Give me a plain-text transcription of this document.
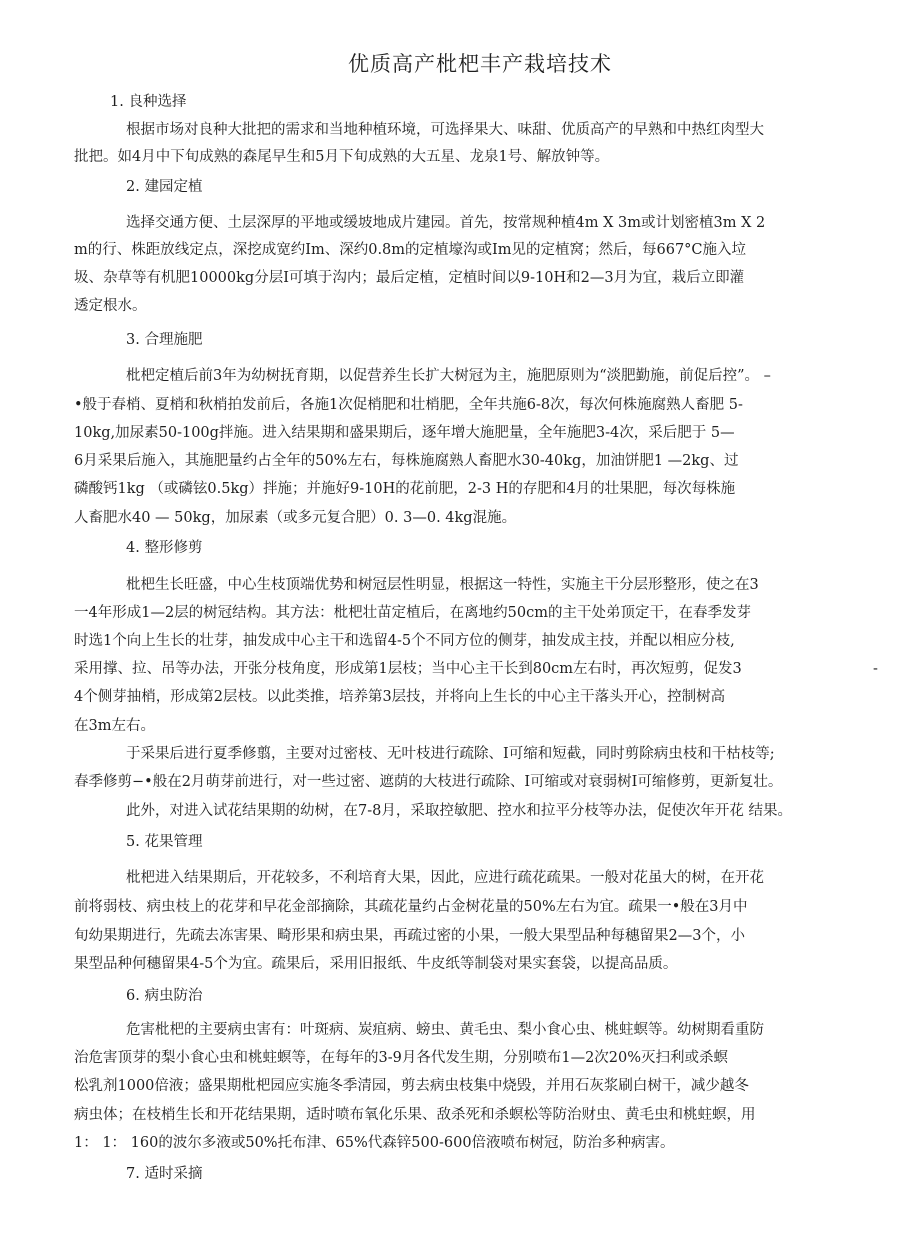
优质高产枇杷丰产栽培技术
1. 良种选择
根据市场对良种大批把的需求和当地种植环境，可选择果大、味甜、优质高产的早熟和中热红肉型大
批把。如4月中下旬成熟的森尾早生和5月下旬成熟的大五星、龙泉1号、解放钟等。
2. 建园定植
选择交通方便、土层深厚的平地或缓坡地成片建园。首先，按常规种植4m X 3m或计划密植3m X 2
m的行、株距放线定点，深挖成宽约Im、深约0.8m的定植壕沟或Im见的定植窝；然后，每667°C施入垃
圾、杂草等有机肥10000kg分层I可填于沟内；最后定植，定植时间以9-10H和2—3月为宜，栽后立即灌
透定根水。
3. 合理施肥
枇杷定植后前3年为幼树抚育期，以促营养生长扩大树冠为主，施肥原则为“淡肥勤施，前促后控”。 –
•般于春梢、夏梢和秋梢拍发前后，各施1次促梢肥和壮梢肥，全年共施6-8次，每次何株施腐熟人畜肥 5-
10kg,加尿素50-100g拌施。进入结果期和盛果期后，逐年增大施肥量，全年施肥3-4次，采后肥于 5—
6月采果后施入，其施肥量约占全年的50%左右，每株施腐熟人畜肥水30-40kg，加油饼肥1 —2kg、过
磷酸钙1kg （或磷铉0.5kg）拌施；并施好9-10H的花前肥，2-3 H的存肥和4月的壮果肥，每次每株施
人畜肥水40 — 50kg，加尿素（或多元复合肥）0. 3—0. 4kg混施。
4. 整形修剪
枇杷生长旺盛，中心生枝顶端优势和树冠层性明显，根据这一特性，实施主干分层形整形，使之在3
一4年形成1—2层的树冠结构。其方法：枇杷壮苗定植后，在离地约50cm的主干处弟顶定干，在春季发芽
时选1个向上生长的壮芽，抽发成中心主干和选留4-5个不同方位的侧芽，抽发成主技，并配以相应分枝,
采用撑、拉、吊等办法，开张分枝角度，形成第1层枝；当中心主干长到80cm左右时，再次短剪，促发3	-
4个侧芽抽梢，形成第2层枝。以此类推，培养第3层技，并将向上生长的中心主干落头开心，控制树高
在3m左右。
于采果后进行夏季修翦，主要对过密枝、无叶枝进行疏除、I可缩和短截，同时剪除病虫枝和干枯枝等;
春季修剪−•般在2月萌芽前进行，对一些过密、遮荫的大枝进行疏除、I可缩或对衰弱树I可缩修剪，更新复壮。
此外，对进入试花结果期的幼树，在7-8月，采取控敏肥、控水和拉平分枝等办法，促使次年开花 结果。
5. 花果管理
枇杷进入结果期后，开花较多，不利培育大果，因此，应进行疏花疏果。一般对花虽大的树，在开花
前将弱枝、病虫枝上的花芽和早花金部摘除，其疏花量约占金树花量的50%左右为宜。疏果一•般在3月中
旬幼果期进行，先疏去冻害果、畸形果和病虫果，再疏过密的小果，一般大果型品种每穗留果2—3个，小
果型品种何穗留果4-5个为宜。疏果后，采用旧报纸、牛皮纸等制袋对果实套袋，以提高品质。
6. 病虫防治
危害枇杷的主要病虫害有：叶斑病、炭疽病、螃虫、黄毛虫、梨小食心虫、桃蛀螟等。幼树期看重防
治危害顶芽的梨小食心虫和桃蛀螟等，在每年的3-9月各代发生期，分别喷布1—2次20%灭扫利或杀螟
松乳剂1000倍液；盛果期枇杷园应实施冬季清园，剪去病虫枝集中烧毁，并用石灰浆刷白树干，减少越冬
病虫体；在枝梢生长和开花结果期，适时喷布氧化乐果、敌杀死和杀螟松等防治财虫、黄毛虫和桃蛀螟，用
1： 1： 160的波尔多液或50%托布津、65%代森锌500-600倍液喷布树冠，防治多种病害。
7. 适时采摘
